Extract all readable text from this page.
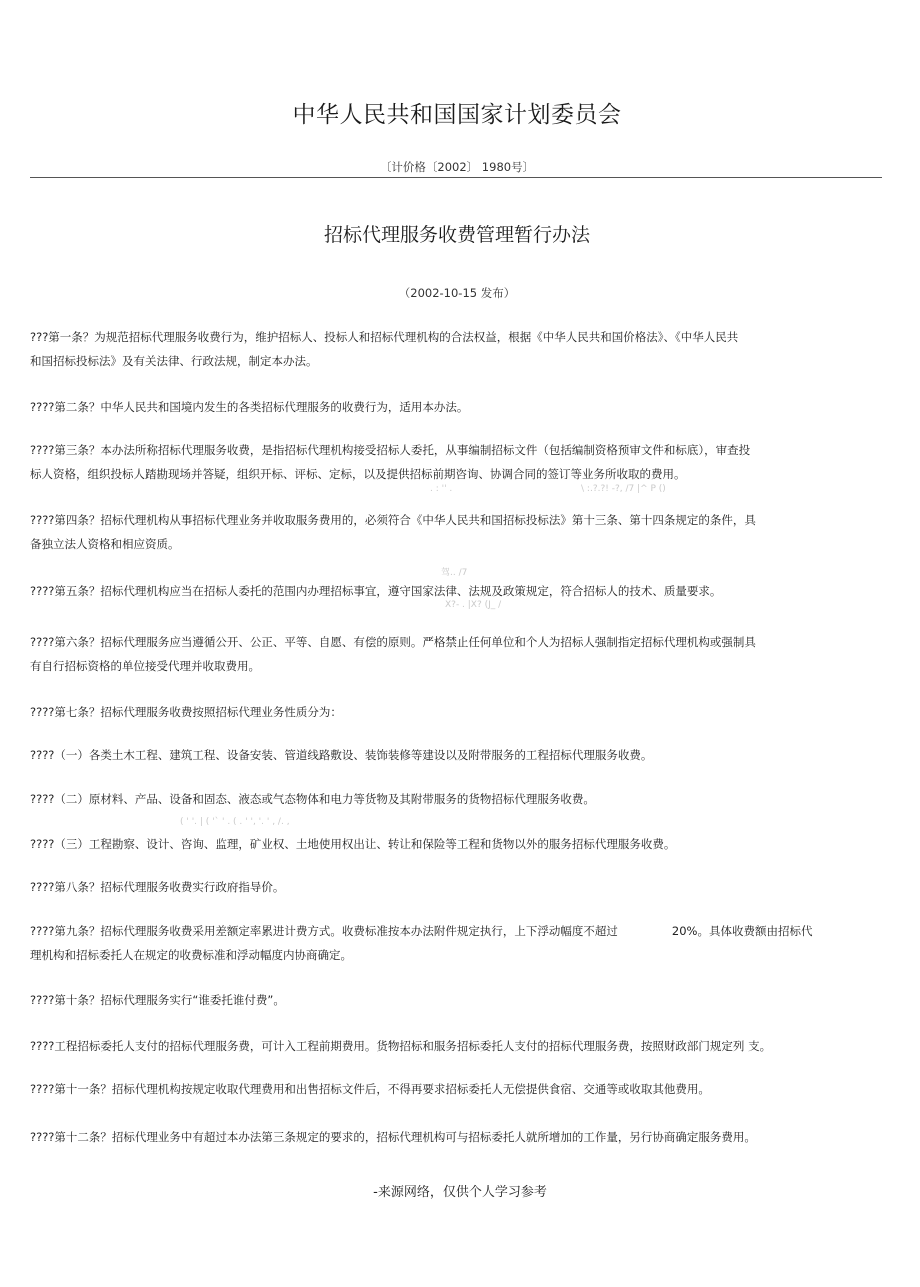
中华人民共和国国家计划委员会
〔计价格〔2002〕 1980号〕
招标代理服务收费管理暂行办法
（2002-10-15 发布）
???第一条？为规范招标代理服务收费行为，维护招标人、投标人和招标代理机构的合法权益，根据《中华人民共和国价格法》、《中华人民共
和国招标投标法》及有关法律、行政法规，制定本办法。
????第二条？中华人民共和国境内发生的各类招标代理服务的收费行为，适用本办法。
????第三条？本办法所称招标代理服务收费，是指招标代理机构接受招标人委托，从事编制招标文件（包括编制资格预审文件和标底），审查投
标人资格，组织投标人踏勘现场并答疑，组织开标、评标、定标，以及提供招标前期咨询、协调合同的签订等业务所收取的费用。
. : '' .                                             \ :.?.?! -?, /7 |^ P ()
????第四条？招标代理机构从事招标代理业务并收取服务费用的，必须符合《中华人民共和国招标投标法》第十三条、第十四条规定的条件，具
备独立法人资格和相应资质。
驾.. /7
????第五条？招标代理机构应当在招标人委托的范围内办理招标事宜，遵守国家法律、法规及政策规定，符合招标人的技术、质量要求。
X?- . |X? (J_ /
????第六条？招标代理服务应当遵循公开、公正、平等、自愿、有偿的原则。严格禁止任何单位和个人为招标人强制指定招标代理机构或强制具
有自行招标资格的单位接受代理并收取费用。
????第七条？招标代理服务收费按照招标代理业务性质分为：
????（一）各类土木工程、建筑工程、设备安装、管道线路敷设、装饰装修等建设以及附带服务的工程招标代理服务收费。
????（二）原材料、产品、设备和固态、液态或气态物体和电力等货物及其附带服务的货物招标代理服务收费。
( ' '. | ( '` ' . ( . ' ', '. ' , /. ,
????（三）工程勘察、设计、咨询、监理，矿业权、土地使用权出让、转让和保险等工程和货物以外的服务招标代理服务收费。
????第八条？招标代理服务收费实行政府指导价。
????第九条？招标代理服务收费采用差额定率累进计费方式。收费标准按本办法附件规定执行，上下浮动幅度不超过	20%。具体收费额由招标代
理机构和招标委托人在规定的收费标准和浮动幅度内协商确定。
????第十条？招标代理服务实行“谁委托谁付费”。
????工程招标委托人支付的招标代理服务费，可计入工程前期费用。货物招标和服务招标委托人支付的招标代理服务费，按照财政部门规定列 支。
????第十一条？招标代理机构按规定收取代理费用和出售招标文件后，不得再要求招标委托人无偿提供食宿、交通等或收取其他费用。
????第十二条？招标代理业务中有超过本办法第三条规定的要求的，招标代理机构可与招标委托人就所增加的工作量，另行协商确定服务费用。
-来源网络，仅供个人学习参考
